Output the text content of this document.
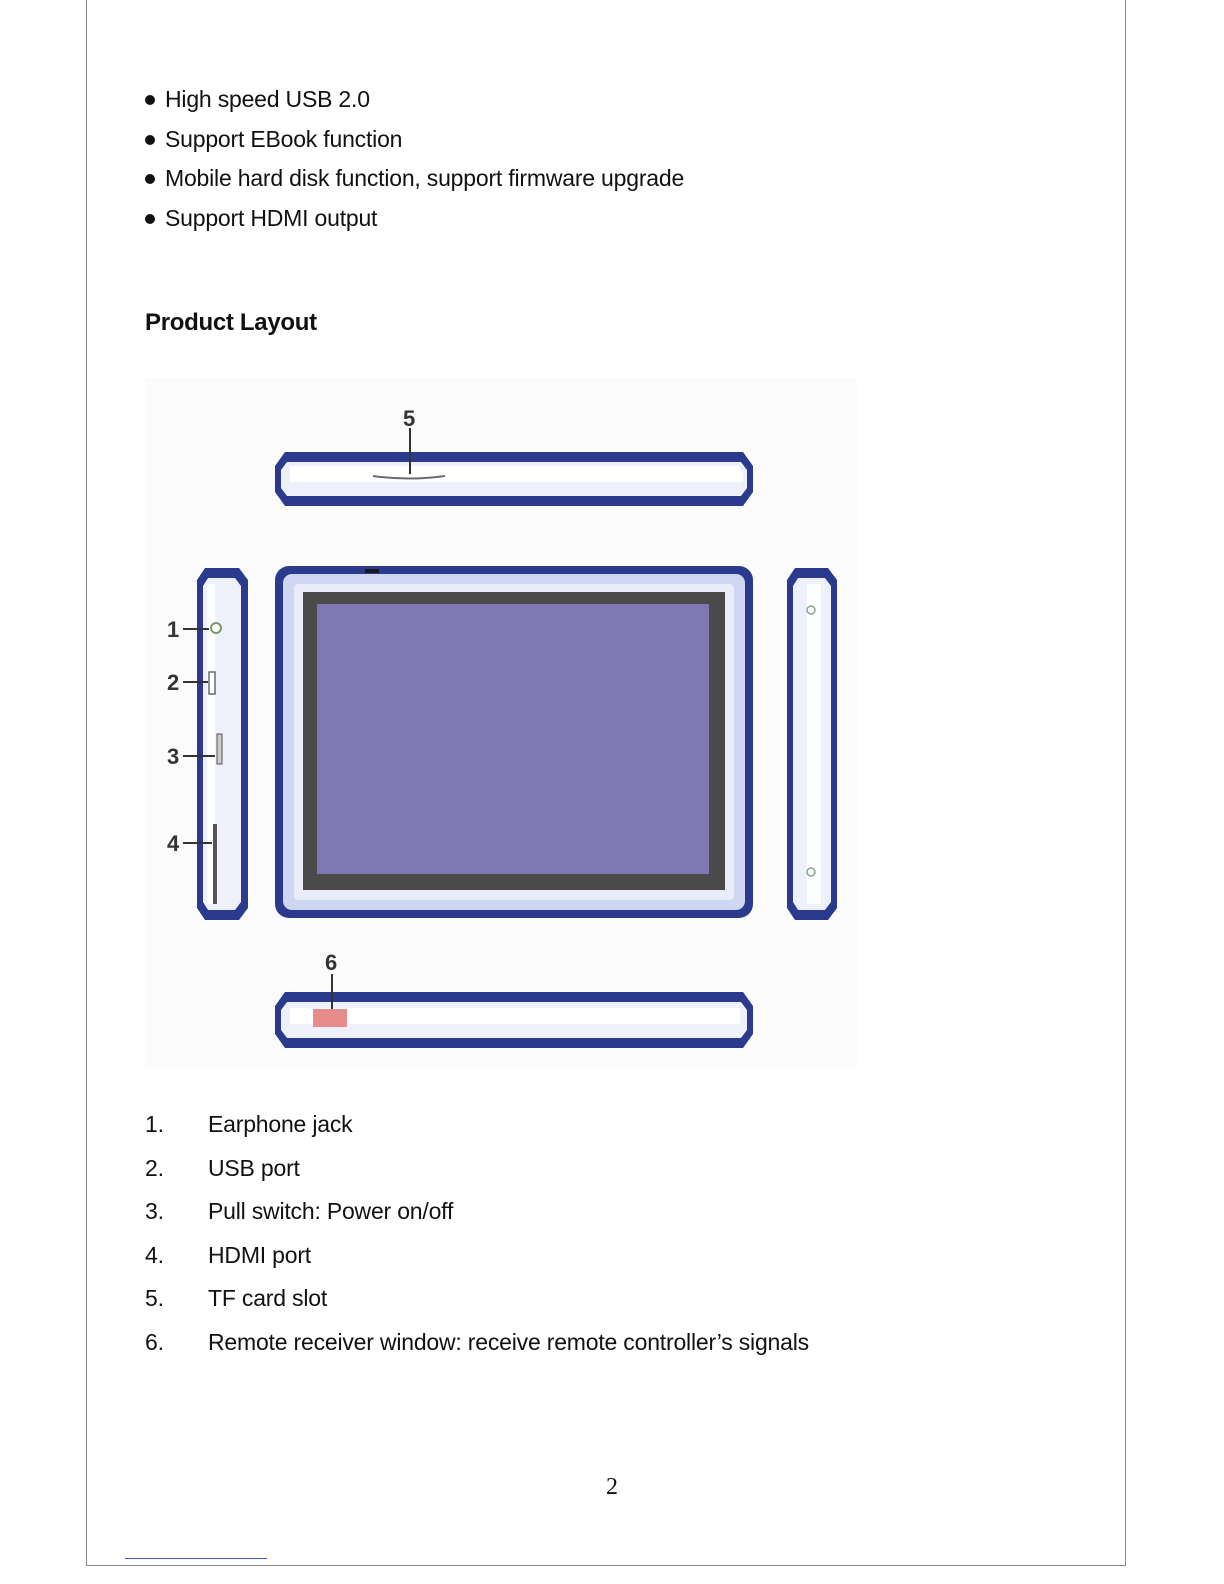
High speed USB 2.0
Support EBook function
Mobile hard disk function, support firmware upgrade
Support HDMI output
Product Layout
5
1
2
3
4
6
1.	Earphone jack
2.	USB port
3.	Pull switch: Power on/off
4.	HDMI port
5.	TF card slot
6.	Remote receiver window: receive remote controller’s signals
2
